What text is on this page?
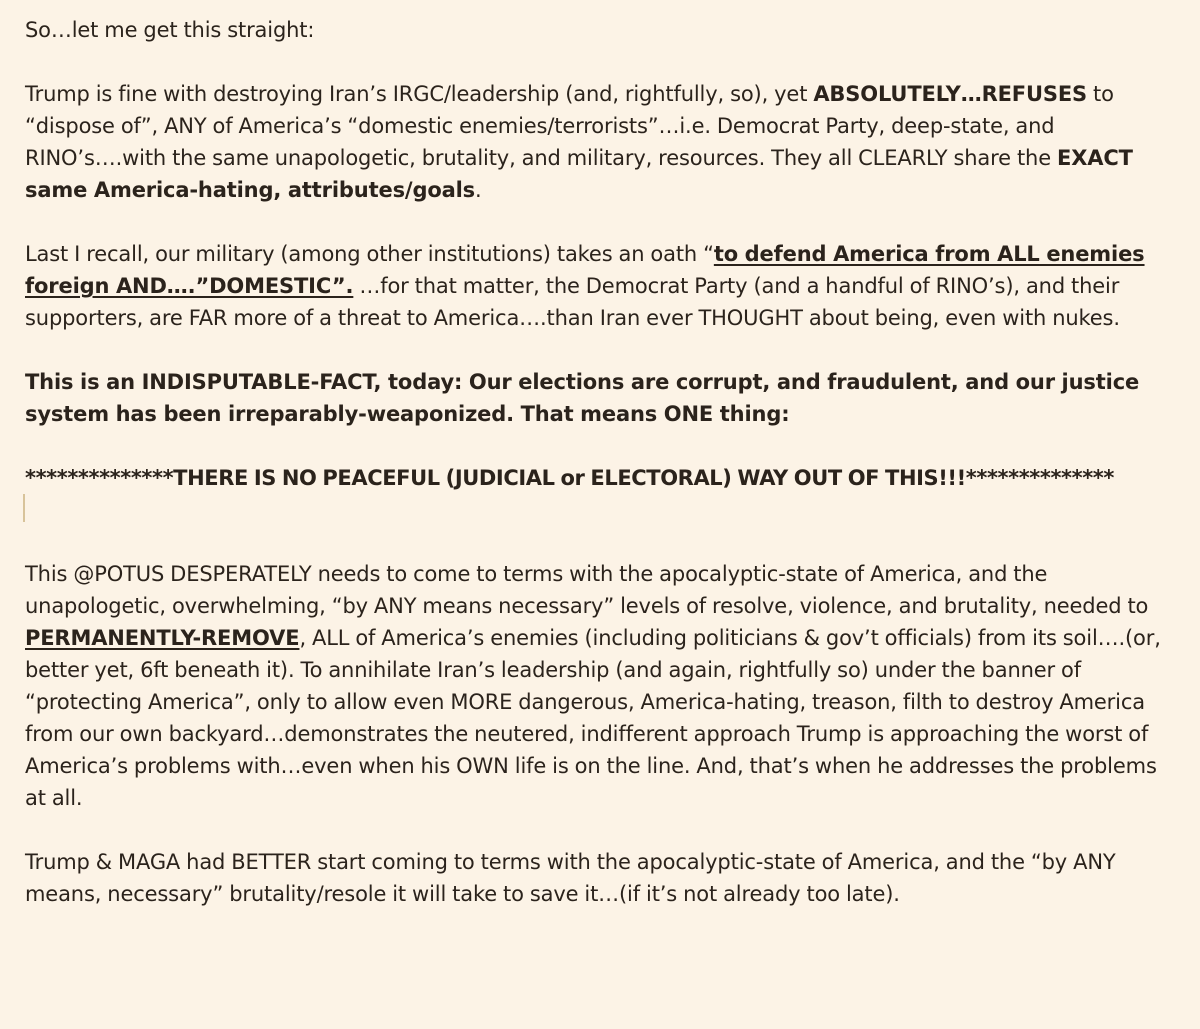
So…let me get this straight:

Trump is fine with destroying Iran’s IRGC/leadership (and, rightfully, so), yet ABSOLUTELY…REFUSES to “dispose of”, ANY of America’s “domestic enemies/terrorists”…i.e. Democrat Party, deep-state, and RINO’s….with the same unapologetic, brutality, and military, resources. They all CLEARLY share the EXACT same America-hating, attributes/goals.

Last I recall, our military (among other institutions) takes an oath “to defend America from ALL enemies foreign AND….”DOMESTIC”. …for that matter, the Democrat Party (and a handful of RINO’s), and their supporters, are FAR more of a threat to America….than Iran ever THOUGHT about being, even with nukes.

This is an INDISPUTABLE-FACT, today: Our elections are corrupt, and fraudulent, and our justice system has been irreparably-weaponized. That means ONE thing:

**************THERE IS NO PEACEFUL (JUDICIAL or ELECTORAL) WAY OUT OF THIS!!!**************

This @POTUS DESPERATELY needs to come to terms with the apocalyptic-state of America, and the unapologetic, overwhelming, “by ANY means necessary” levels of resolve, violence, and brutality, needed to PERMANENTLY-REMOVE, ALL of America’s enemies (including politicians & gov’t officials) from its soil….(or, better yet, 6ft beneath it). To annihilate Iran’s leadership (and again, rightfully so) under the banner of “protecting America”, only to allow even MORE dangerous, America-hating, treason, filth to destroy America from our own backyard…demonstrates the neutered, indifferent approach Trump is approaching the worst of America’s problems with…even when his OWN life is on the line. And, that’s when he addresses the problems at all.

Trump & MAGA had BETTER start coming to terms with the apocalyptic-state of America, and the “by ANY means, necessary” brutality/resole it will take to save it…(if it’s not already too late).
